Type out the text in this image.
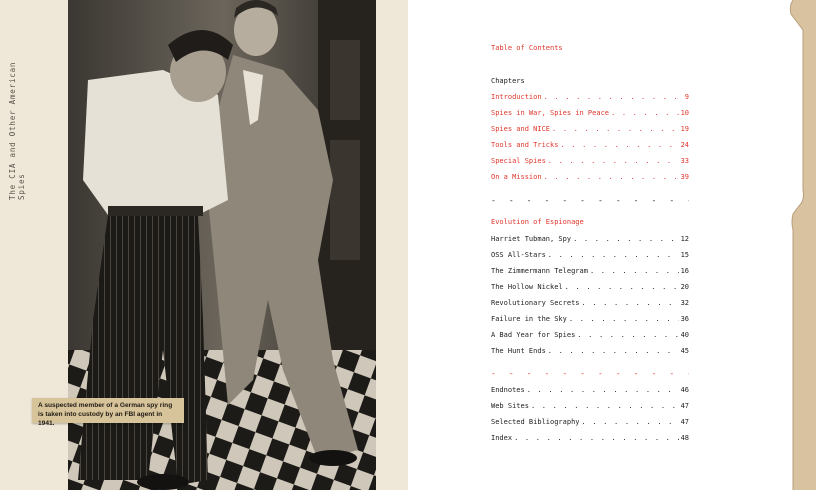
The CIA and Other American Spies
A suspected member of a German spy ring is taken into custody by an FBI agent in 1941.
Table of Contents
Chapters
Introduction . . .	9
Spies in War, Spies in Peace . . .	10
Spies and NICE . . .	19
Tools and Tricks . . .	24
Special Spies . . .	33
On a Mission . . .	39
- - -
Evolution of Espionage
Harriet Tubman, Spy . . .	12
OSS All-Stars . . .	15
The Zimmermann Telegram . . .	16
The Hollow Nickel . . .	20
Revolutionary Secrets . . .	32
Failure in the Sky . . .	36
A Bad Year for Spies . . .	40
The Hunt Ends . . .	45
- - -
Endnotes . . .	46
Web Sites . . .	47
Selected Bibliography . . .	47
Index . . .	48
